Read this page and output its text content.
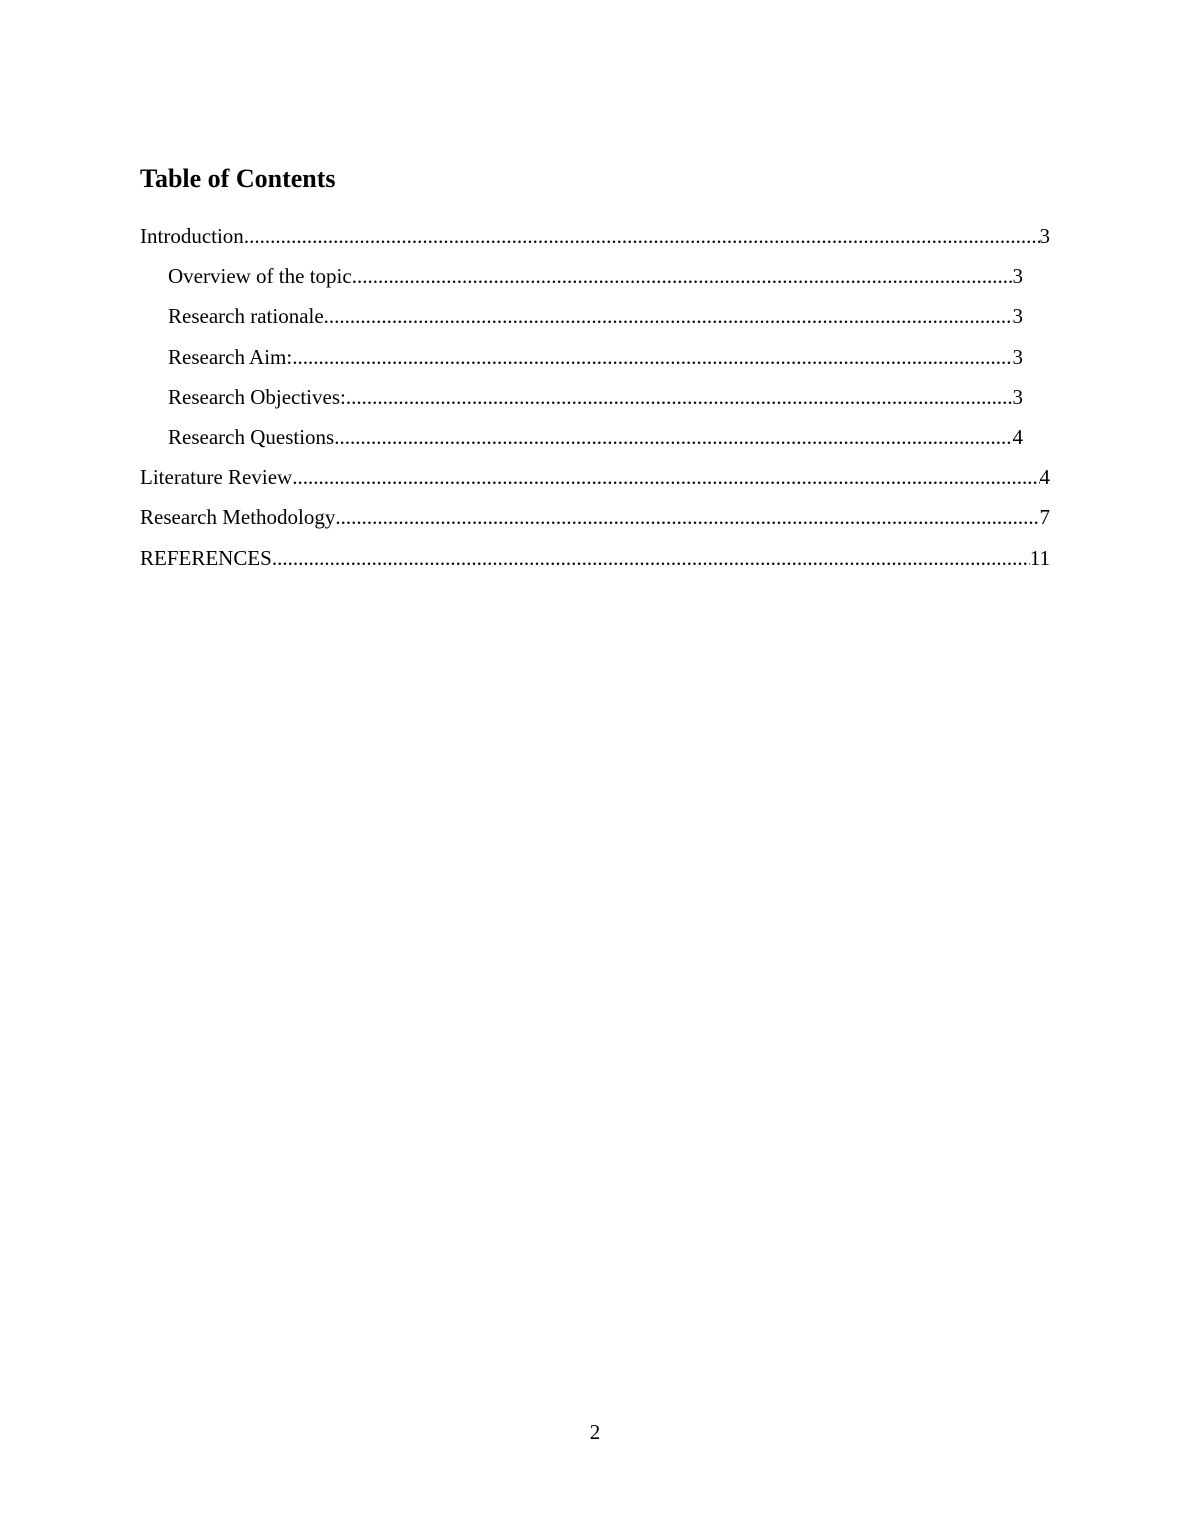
Table of Contents
Introduction .....	3
Overview of the topic .....	3
Research rationale .....	3
Research Aim: .....	3
Research Objectives: .....	3
Research Questions .....	4
Literature Review .....	4
Research Methodology .....	7
REFERENCES .....	11
2
